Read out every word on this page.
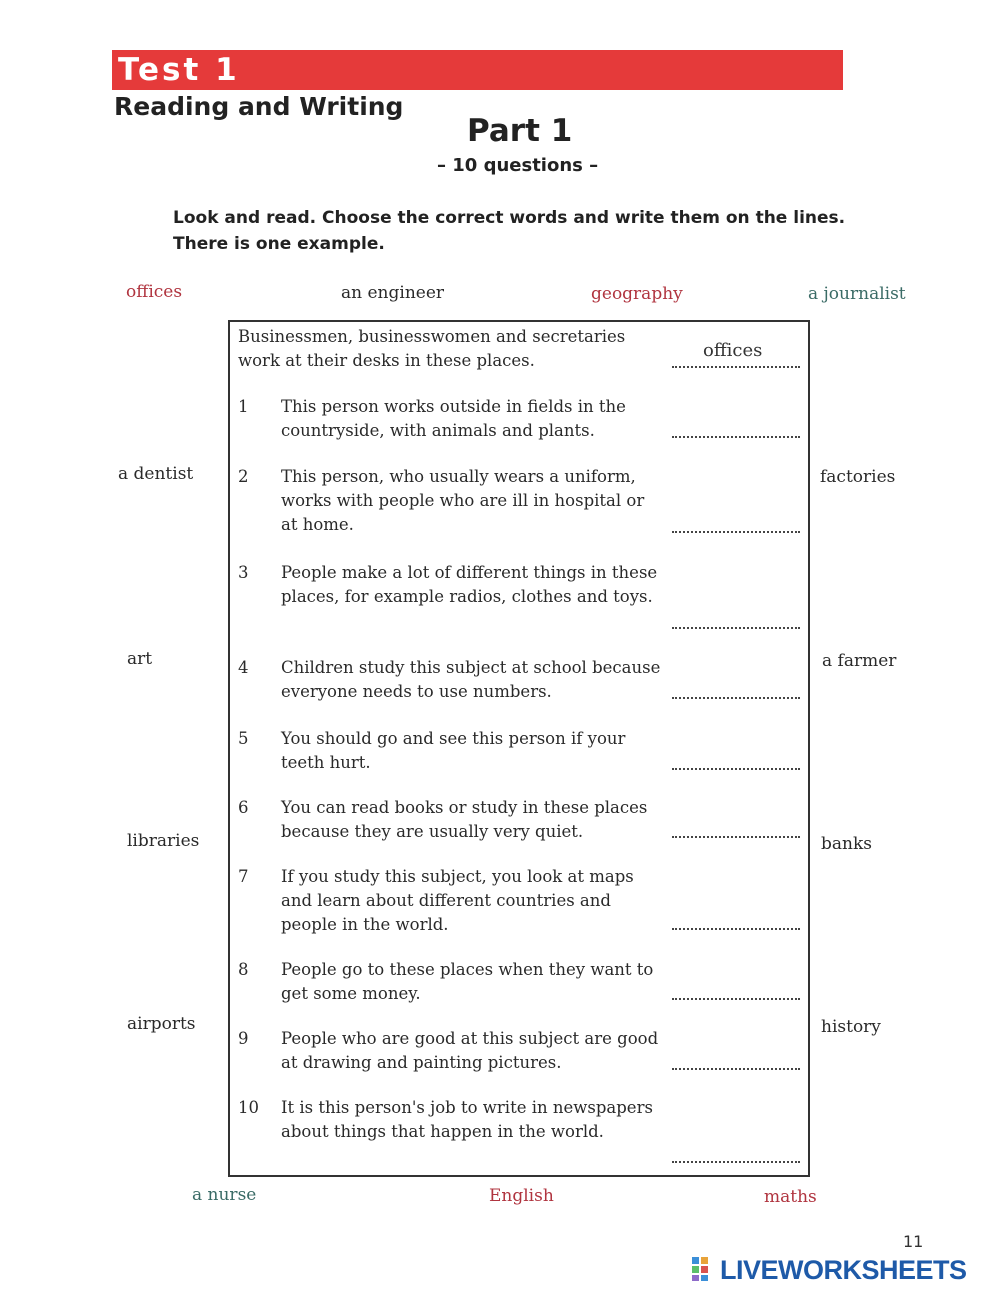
Test 1
Reading and Writing
Part 1
– 10 questions –
Look and read. Choose the correct words and write them on the lines.
There is one example.
offices	an engineer	geography	a journalist
a dentist
art
libraries
airports
factories
a farmer
banks
history
a nurse	English	maths
Businessmen, businesswomen and secretaries work at their desks in these places.	offices
1 This person works outside in fields in the countryside, with animals and plants.
2 This person, who usually wears a uniform, works with people who are ill in hospital or at home.
3 People make a lot of different things in these places, for example radios, clothes and toys.
4 Children study this subject at school because everyone needs to use numbers.
5 You should go and see this person if your teeth hurt.
6 You can read books or study in these places because they are usually very quiet.
7 If you study this subject, you look at maps and learn about different countries and people in the world.
8 People go to these places when they want to get some money.
9 People who are good at this subject are good at drawing and painting pictures.
10 It is this person's job to write in newspapers about things that happen in the world.
11
LIVEWORKSHEETS
